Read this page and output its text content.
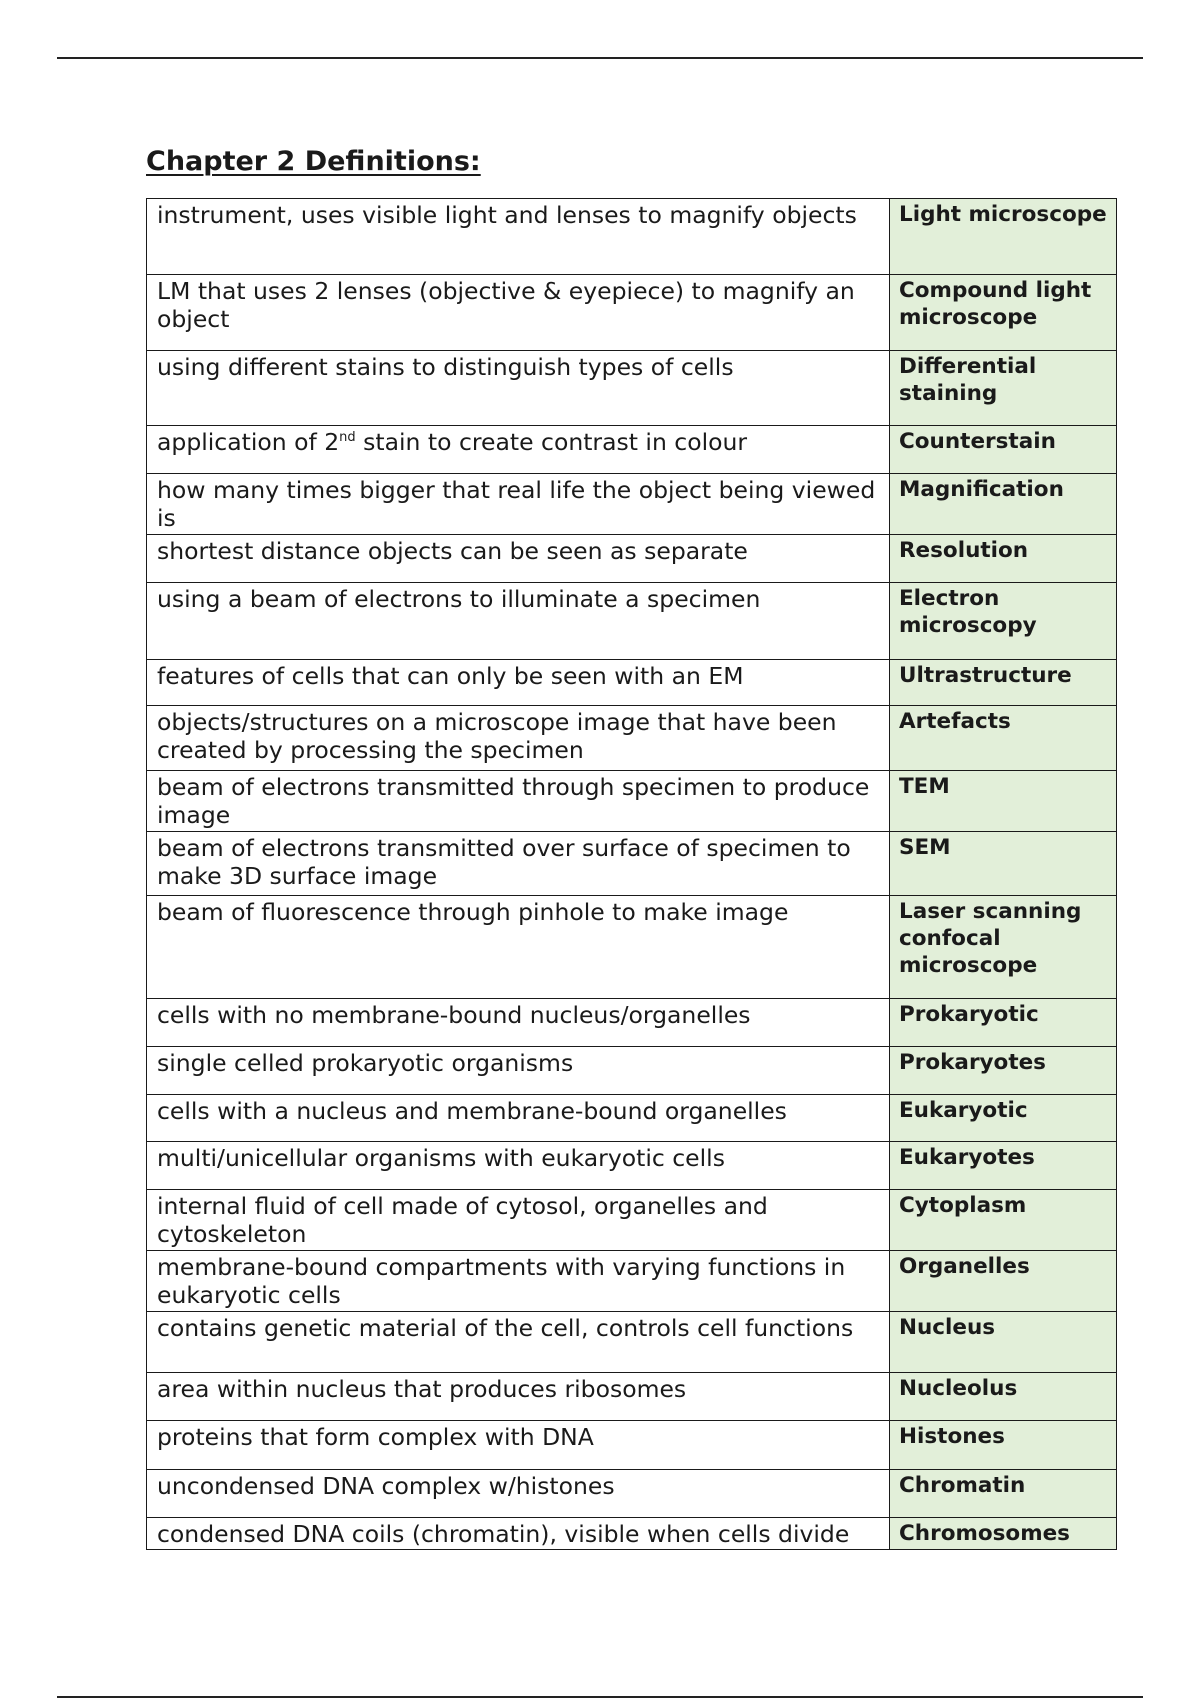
Chapter 2 Definitions:
instrument, uses visible light and lenses to magnify objects	Light microscope
LM that uses 2 lenses (objective & eyepiece) to magnify an object	Compound light microscope
using different stains to distinguish types of cells	Differential staining
application of 2nd stain to create contrast in colour	Counterstain
how many times bigger that real life the object being viewed is	Magnification
shortest distance objects can be seen as separate	Resolution
using a beam of electrons to illuminate a specimen	Electron microscopy
features of cells that can only be seen with an EM	Ultrastructure
objects/structures on a microscope image that have been created by processing the specimen	Artefacts
beam of electrons transmitted through specimen to produce image	TEM
beam of electrons transmitted over surface of specimen to make 3D surface image	SEM
beam of fluorescence through pinhole to make image	Laser scanning confocal microscope
cells with no membrane-bound nucleus/organelles	Prokaryotic
single celled prokaryotic organisms	Prokaryotes
cells with a nucleus and membrane-bound organelles	Eukaryotic
multi/unicellular organisms with eukaryotic cells	Eukaryotes
internal fluid of cell made of cytosol, organelles and cytoskeleton	Cytoplasm
membrane-bound compartments with varying functions in eukaryotic cells	Organelles
contains genetic material of the cell, controls cell functions	Nucleus
area within nucleus that produces ribosomes	Nucleolus
proteins that form complex with DNA	Histones
uncondensed DNA complex w/histones	Chromatin
condensed DNA coils (chromatin), visible when cells divide	Chromosomes
